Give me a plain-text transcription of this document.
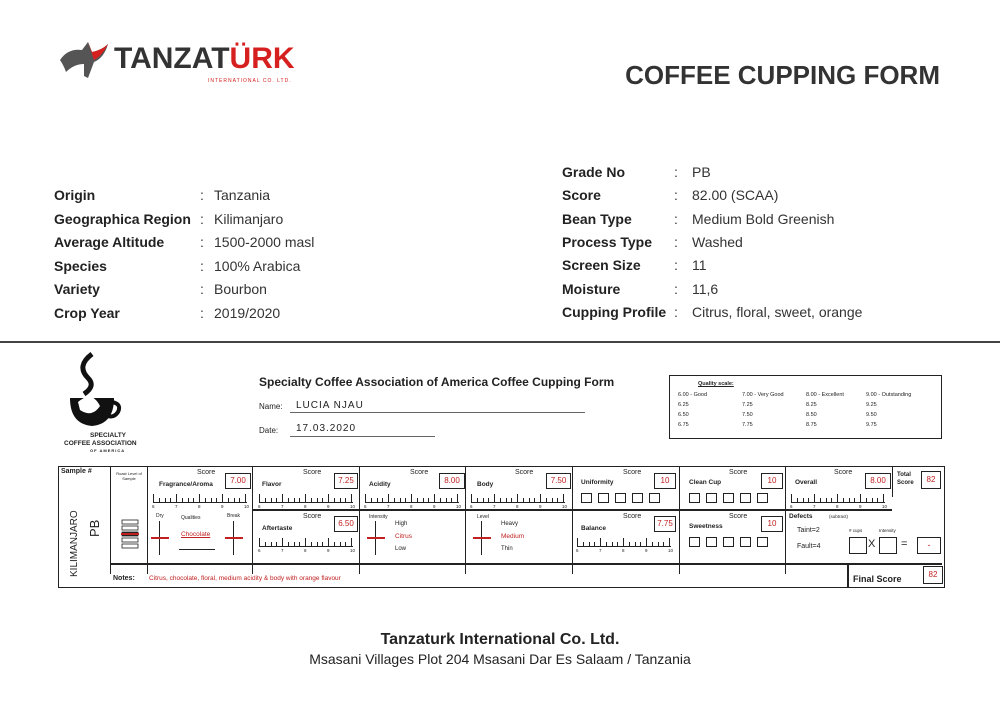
TANZATÜRK
INTERNATIONAL CO. LTD.	COFFEE CUPPING FORM
Origin	: Tanzania
Geographica Region : Kilimanjaro
Average Altitude	: 1500-2000 masl
Species	: 100% Arabica
Variety	: Bourbon
Crop Year	: 2019/2020
Grade No	: PB
Score	: 82.00 (SCAA)
Bean Type	: Medium Bold Greenish
Process Type : Washed
Screen Size : 11
Moisture	: 11,6
Cupping Profile : Citrus, floral, sweet, orange
SPECIALTY
COFFEE ASSOCIATION
OF AMERICA
Specialty Coffee Association of America Coffee Cupping Form
Name: LUCIA NJAU
Date: 17.03.2020
Quality scale:
6.00 - Good	7.00 - Very Good	8.00 - Excellent	9.00 - Outstanding
6.25	7.25	8.25	9.25
6.50	7.50	8.50	9.50
6.75	7.75	8.75	9.75
Sample #
KILIMANJARO PB
Roast Level of Sample
Fragrance/Aroma
Score
7.00
6	7	8	9	10
Dry	Qualities	Break
Chocolate
Flavor
Score
7.25
6	7	8	9	10
Aftertaste
Score
6.50
6	7	8	9	10
Acidity
Score
8.00
6	7	8	9	10
Intensity
High
Citrus
Low
Body
Score
7.50
6	7	8	9	10
Level
Heavy
Medium
Thin
Uniformity
Score
10
Balance
Score
7.75
6	7	8	9	10
Clean Cup
Score
10
Sweetness
Score
10
Overall
Score
8.00
6	7	8	9	10
Defects	(subtract)
Taint=2
Fault=4
# cups	Intensity
X =	-
Total Score	82
Notes: Citrus, chocolate, floral, medium acidity & body with orange flavour	Final Score	82
Tanzaturk International Co. Ltd.
Msasani Villages Plot 204 Msasani Dar Es Salaam / Tanzania
